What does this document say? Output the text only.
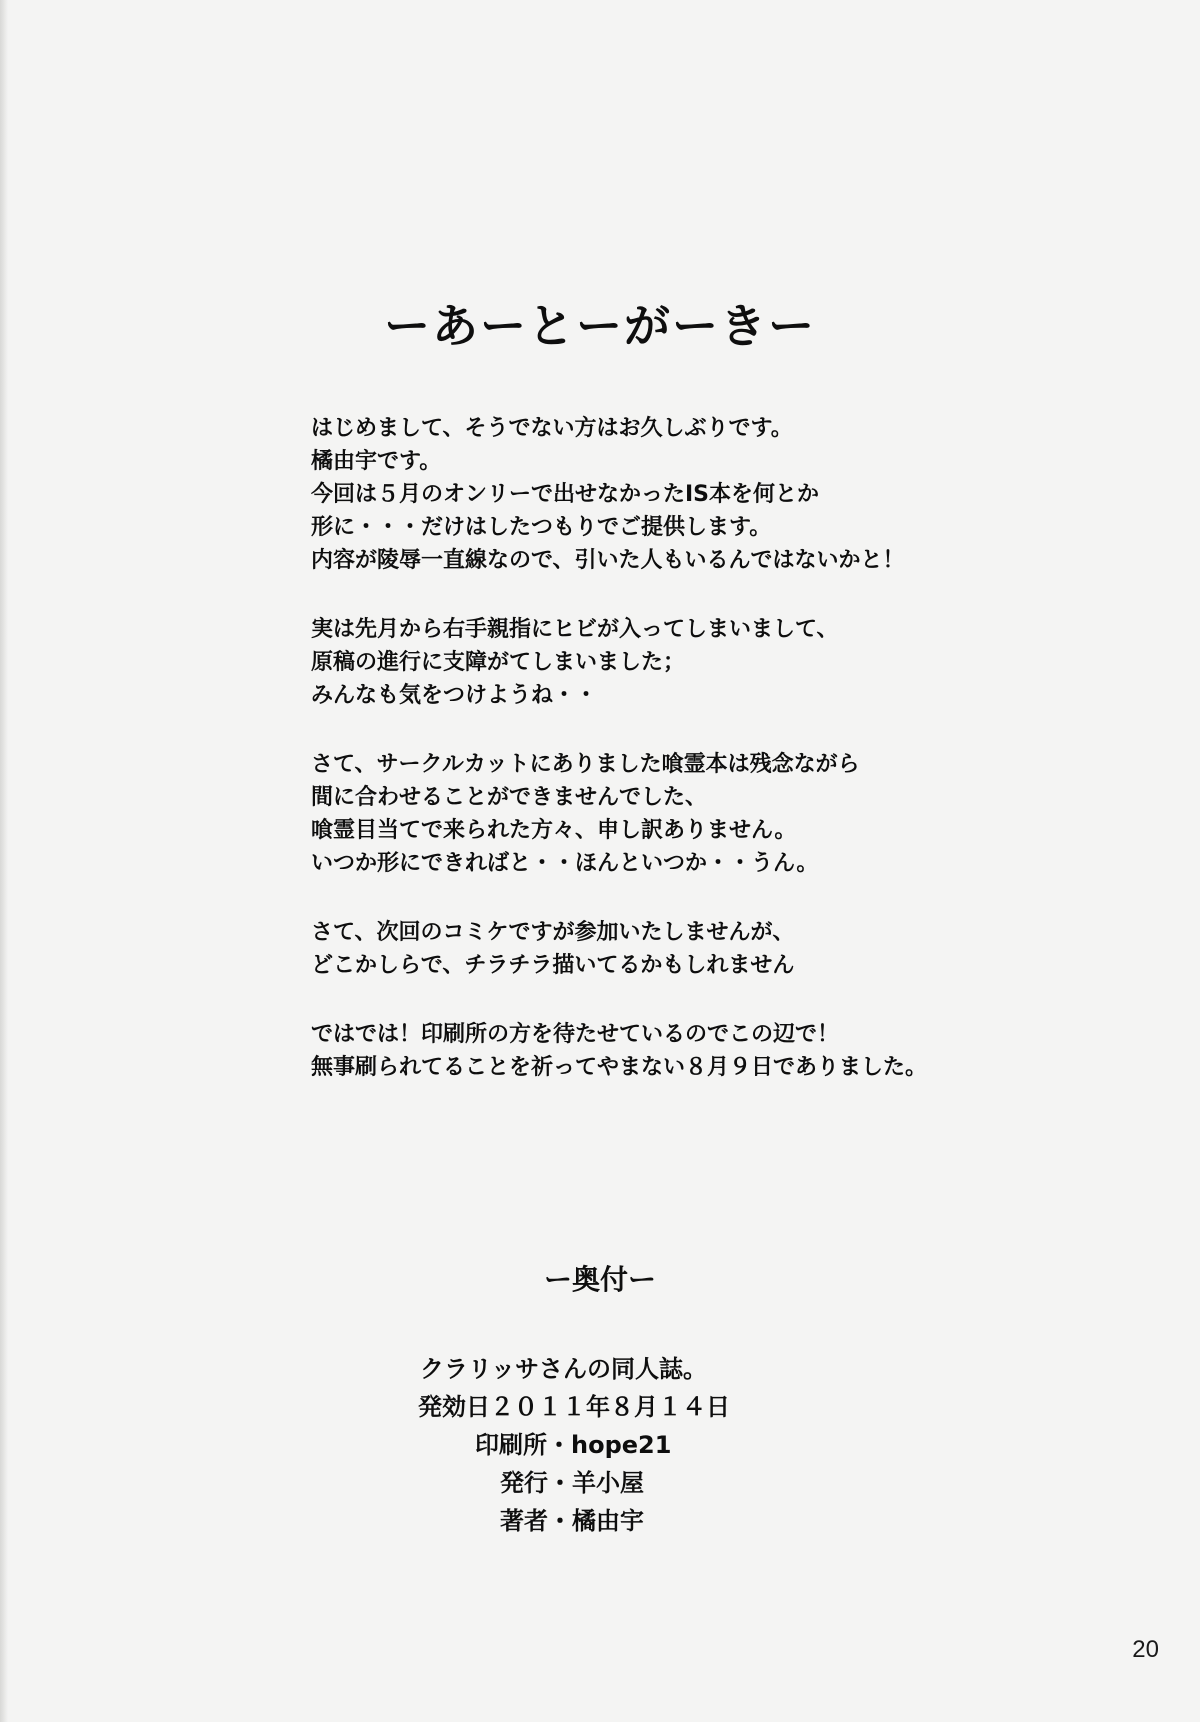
ーあーとーがーきー
はじめまして、そうでない方はお久しぶりです。
橘由宇です。
今回は５月のオンリーで出せなかったIS本を何とか
形に・・・だけはしたつもりでご提供します。
内容が陵辱一直線なので、引いた人もいるんではないかと！
実は先月から右手親指にヒビが入ってしまいまして、
原稿の進行に支障がてしまいました；
みんなも気をつけようね・・
さて、サークルカットにありました喰霊本は残念ながら
間に合わせることができませんでした、
喰霊目当てで来られた方々、申し訳ありません。
いつか形にできればと・・ほんといつか・・うん。
さて、次回のコミケですが参加いたしませんが、
どこかしらで、チラチラ描いてるかもしれません
ではでは！印刷所の方を待たせているのでこの辺で！
無事刷られてることを祈ってやまない８月９日でありました。
ー奥付ー
クラリッサさんの同人誌。
発効日２０１１年８月１４日
印刷所・hope21
発行・羊小屋
著者・橘由宇
20
